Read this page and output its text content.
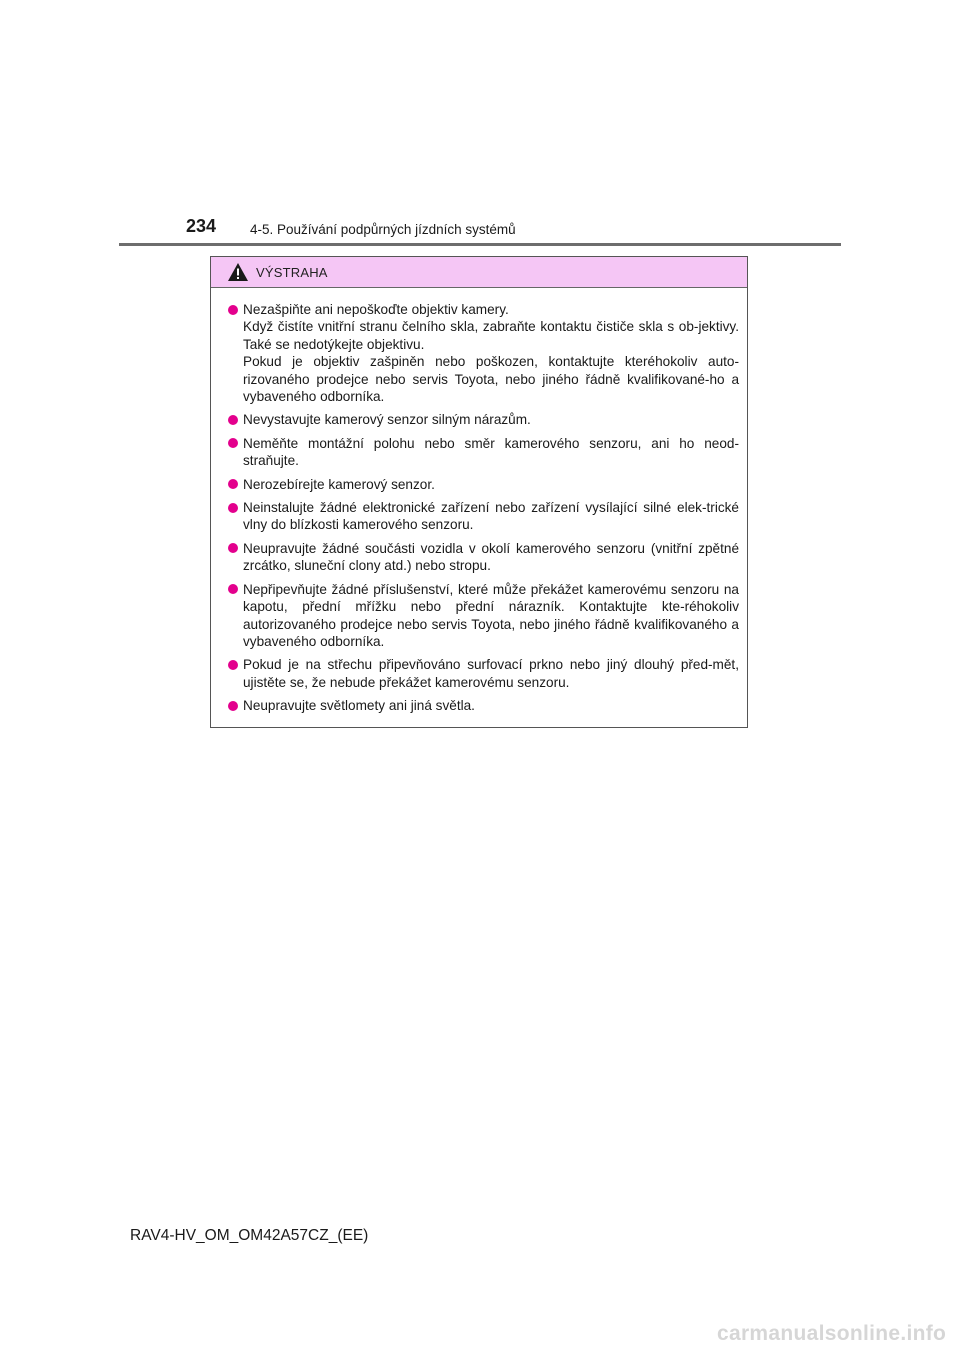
234	4-5. Používání podpůrných jízdních systémů
VÝSTRAHA
Nezašpiňte ani nepoškoďte objektiv kamery.
Když čistíte vnitřní stranu čelního skla, zabraňte kontaktu čističe skla s ob-jektivy. Také se nedotýkejte objektivu.
Pokud je objektiv zašpiněn nebo poškozen, kontaktujte kteréhokoliv auto-rizovaného prodejce nebo servis Toyota, nebo jiného řádně kvalifikované-ho a vybaveného odborníka.
Nevystavujte kamerový senzor silným nárazům.
Neměňte montážní polohu nebo směr kamerového senzoru, ani ho neod-straňujte.
Nerozebírejte kamerový senzor.
Neinstalujte žádné elektronické zařízení nebo zařízení vysílající silné elek-trické vlny do blízkosti kamerového senzoru.
Neupravujte žádné součásti vozidla v okolí kamerového senzoru (vnitřní zpětné zrcátko, sluneční clony atd.) nebo stropu.
Nepřipevňujte žádné příslušenství, které může překážet kamerovému senzoru na kapotu, přední mřížku nebo přední nárazník. Kontaktujte kte-réhokoliv autorizovaného prodejce nebo servis Toyota, nebo jiného řádně kvalifikovaného a vybaveného odborníka.
Pokud je na střechu připevňováno surfovací prkno nebo jiný dlouhý před-mět, ujistěte se, že nebude překážet kamerovému senzoru.
Neupravujte světlomety ani jiná světla.
RAV4-HV_OM_OM42A57CZ_(EE)
carmanualsonline.info
